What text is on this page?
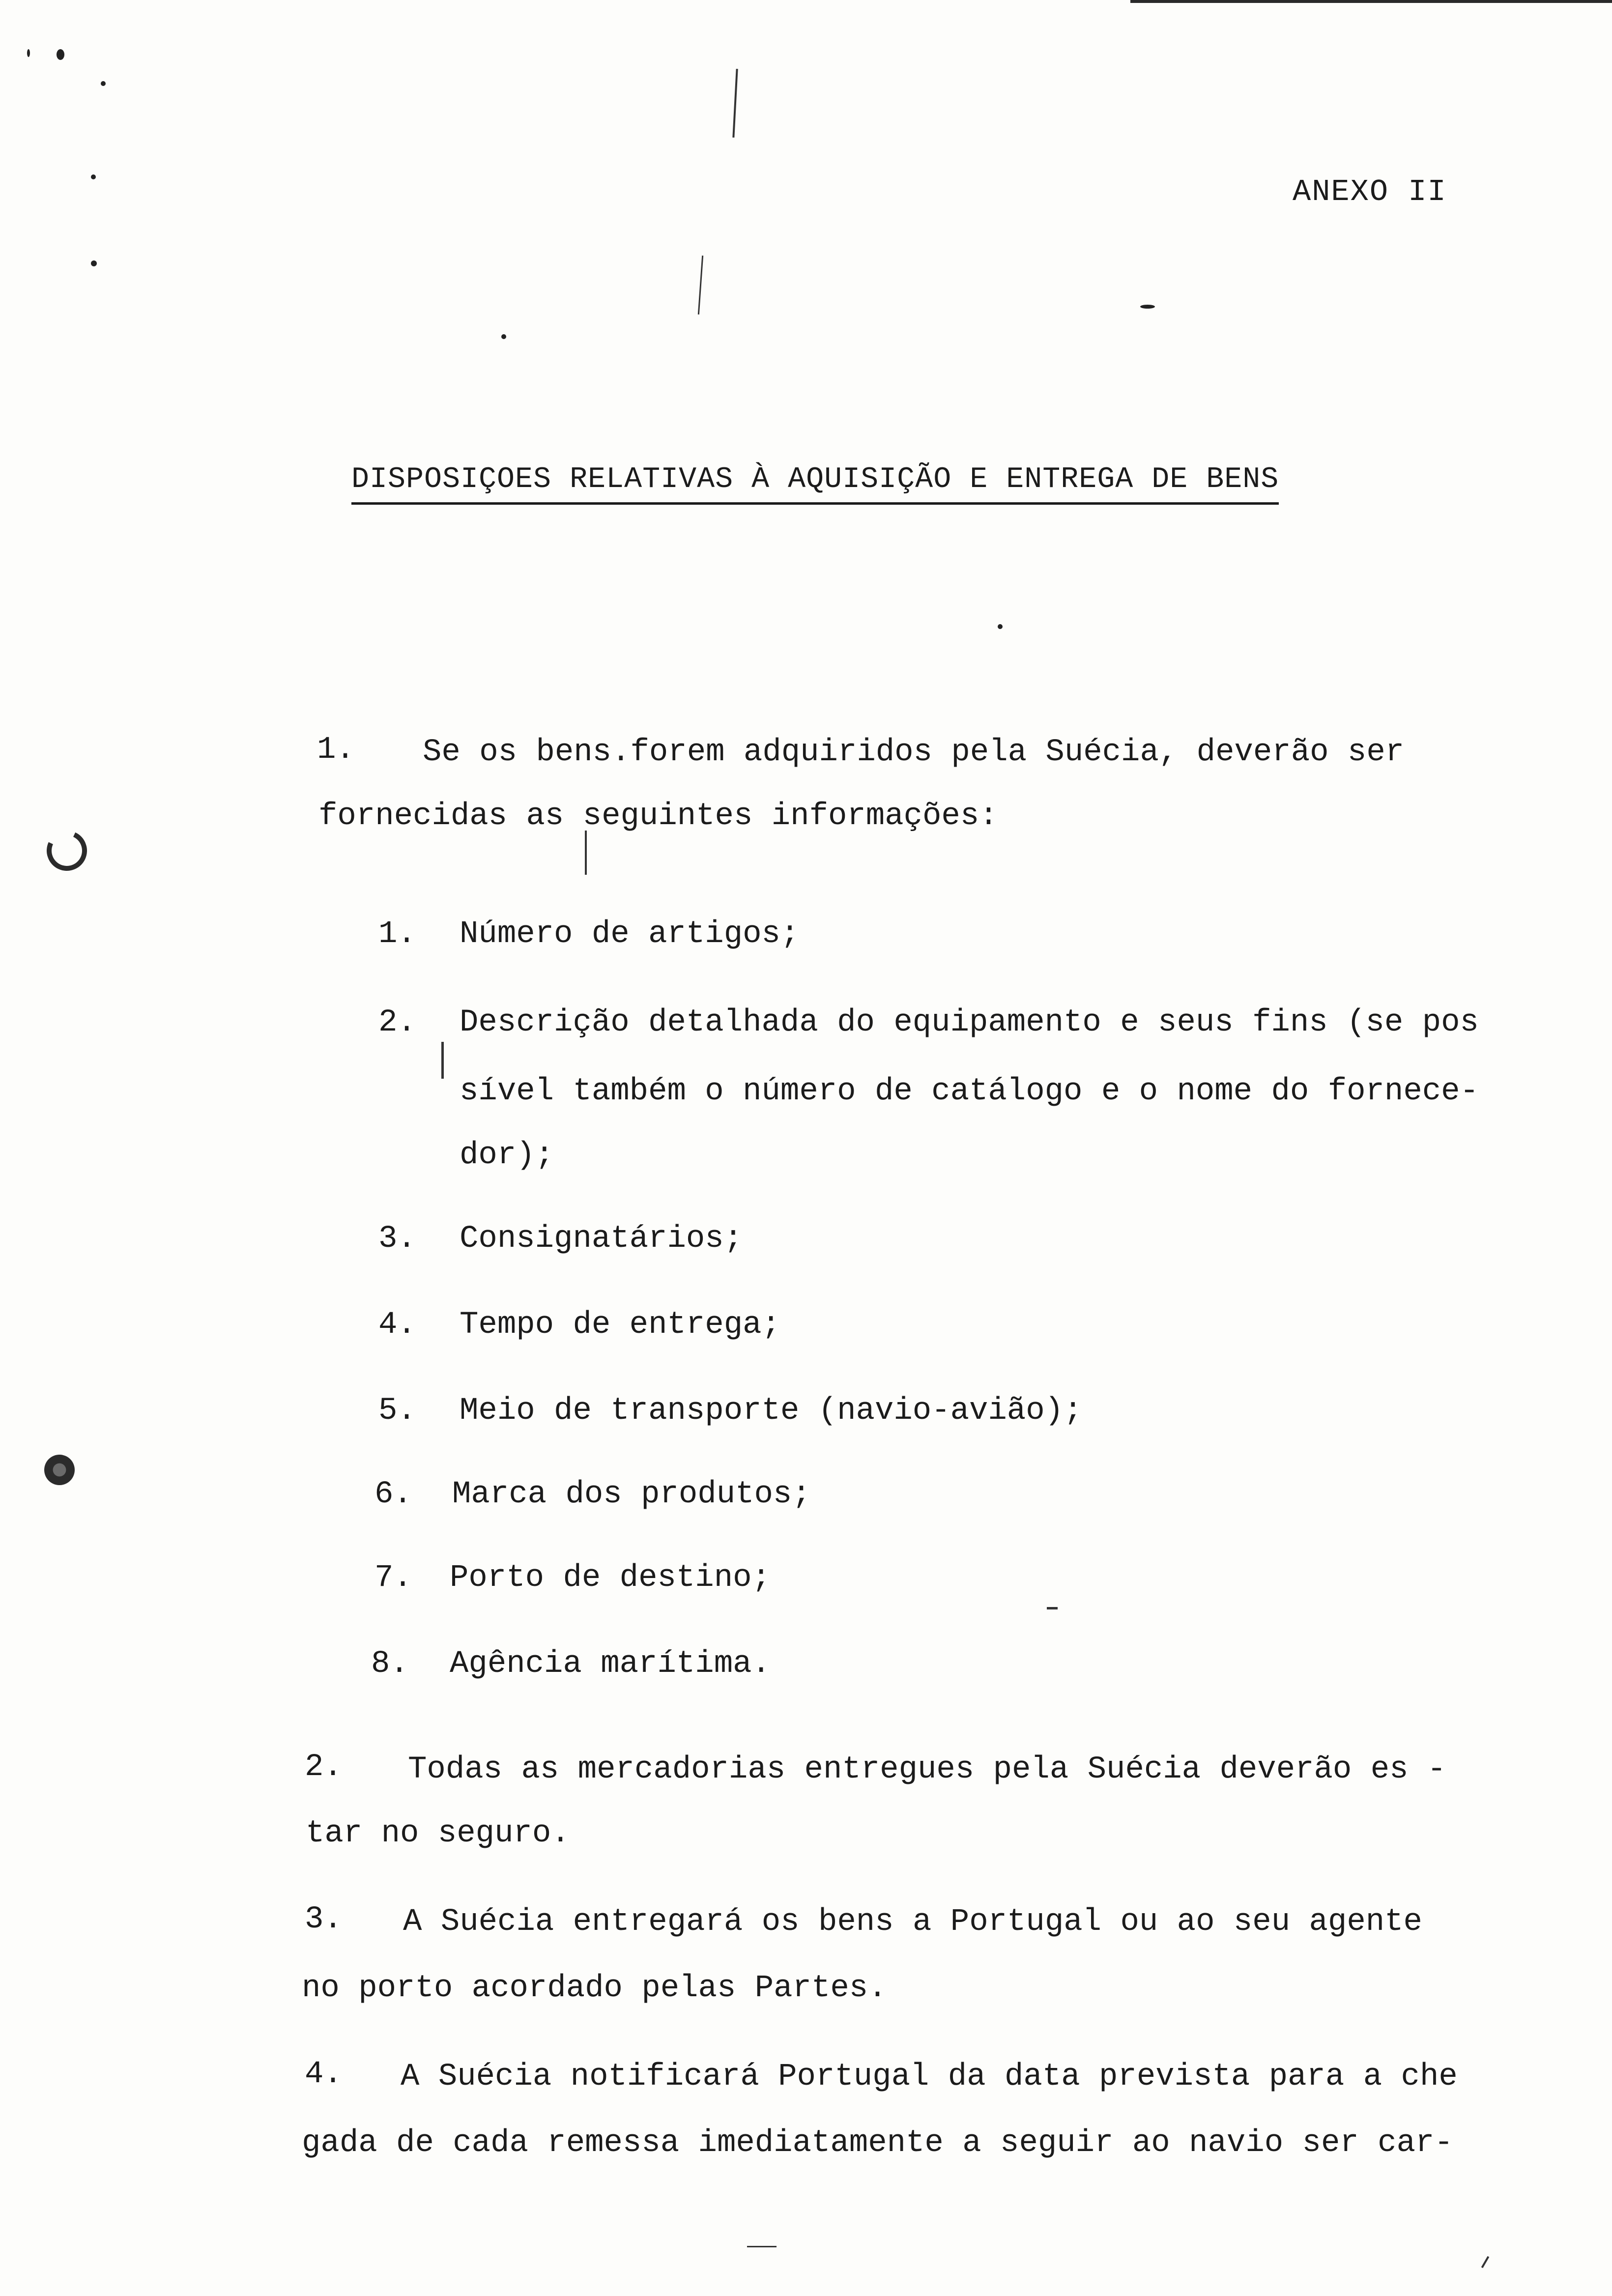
ANEXO II
DISPOSIÇOES RELATIVAS À AQUISIÇÃO E ENTREGA DE BENS
1. Se os bens.forem adquiridos pela Suécia, deverão ser
fornecidas as seguintes informações:
1. Número de artigos;
2. Descrição detalhada do equipamento e seus fins (se pos
sível também o número de catálogo e o nome do fornece-
dor);
3. Consignatários;
4. Tempo de entrega;
5. Meio de transporte (navio-avião);
6. Marca dos produtos;
7. Porto de destino;
8. Agência marítima.
2. Todas as mercadorias entregues pela Suécia deverão es -
tar no seguro.
3. A Suécia entregará os bens a Portugal ou ao seu agente
no porto acordado pelas Partes.
4. A Suécia notificará Portugal da data prevista para a che
gada de cada remessa imediatamente a seguir ao navio ser car-
